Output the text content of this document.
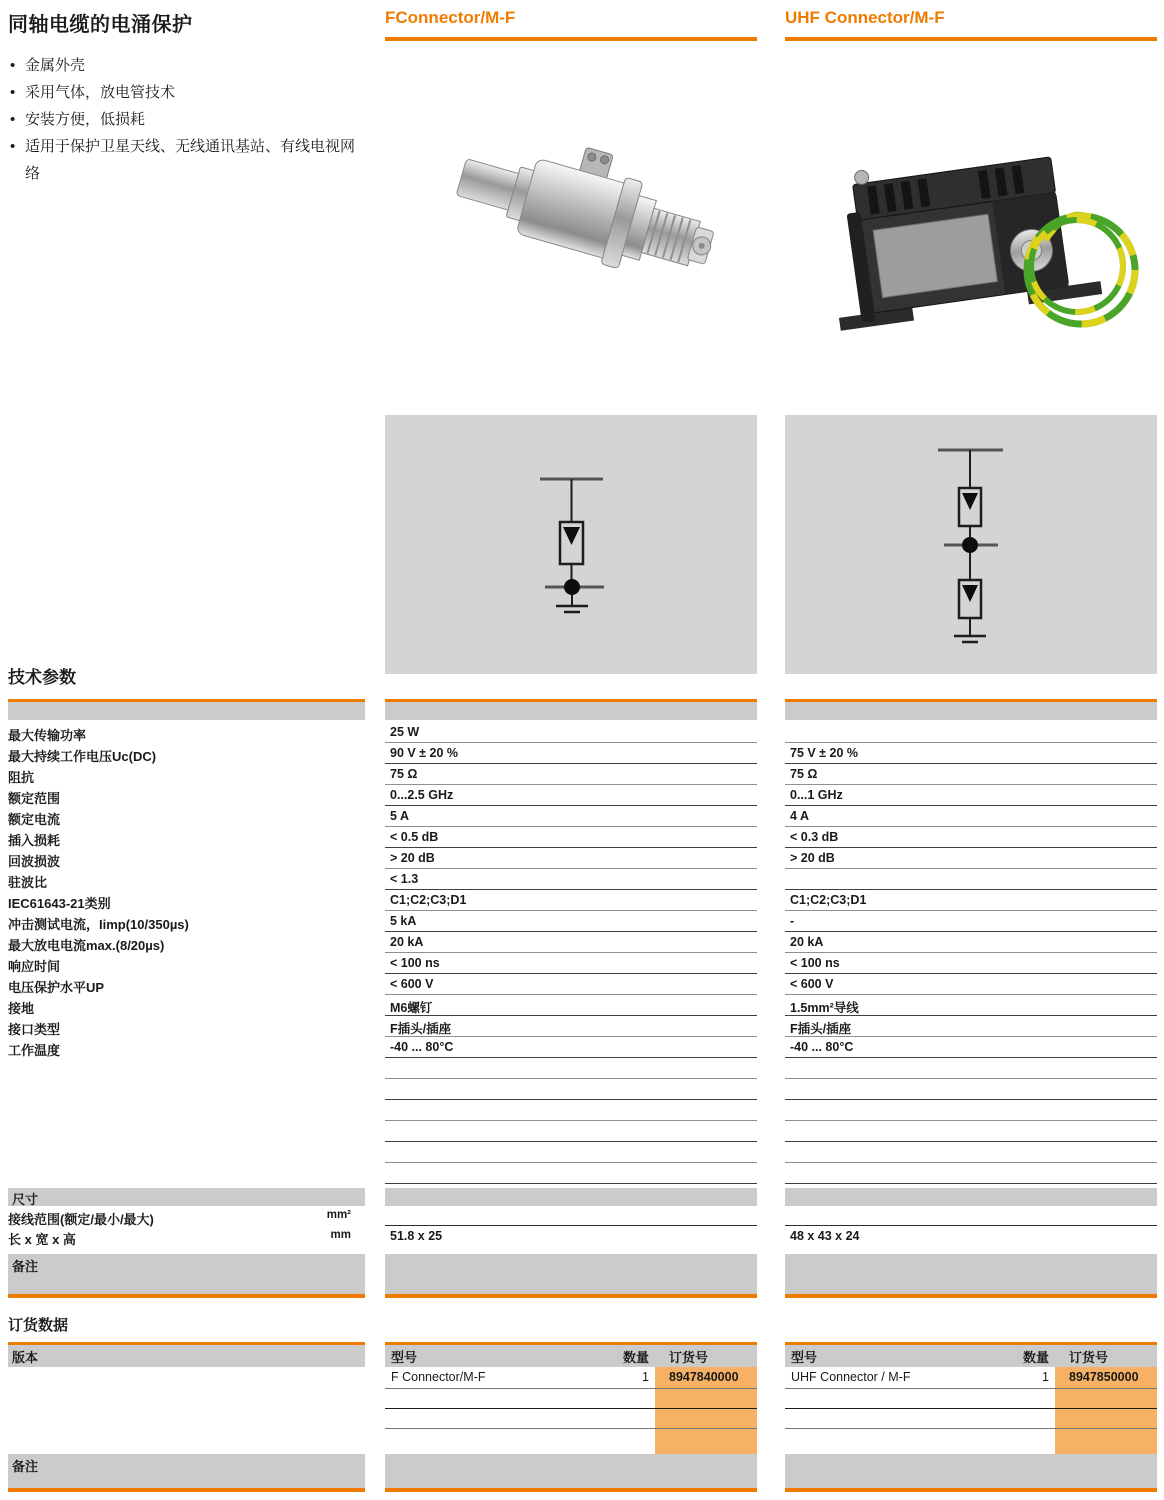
同轴电缆的电涌保护
• 金属外壳
• 采用气体，放电管技术
• 安装方便，低损耗
• 适用于保护卫星天线、无线通讯基站、有线电视网络
FConnector/M-F	UHF Connector/M-F
技术参数
最大传输功率	25 W
最大持续工作电压Uc(DC)	90 V ± 20 %	75 V ± 20 %
阻抗	75 Ω	75 Ω
额定范围	0...2.5 GHz	0...1 GHz
额定电流	5 A	4 A
插入损耗	< 0.5 dB	< 0.3 dB
回波损波	> 20 dB	> 20 dB
驻波比	< 1.3
IEC61643-21类别	C1;C2;C3;D1	C1;C2;C3;D1
冲击测试电流，Iimp(10/350µs)	5 kA	-
最大放电电流max.(8/20µs)	20 kA	20 kA
响应时间	< 100 ns	< 100 ns
电压保护水平UP	< 600 V	< 600 V
接地	M6螺钉	1.5mm²导线
接口类型	F插头/插座	F插头/插座
工作温度	-40 ... 80°C	-40 ... 80°C
尺寸
接线范围(额定/最小/最大)	mm²
长 x 宽 x 高	mm	51.8 x 25	48 x 43 x 24
备注
订货数据
版本	型号	数量	订货号
F Connector/M-F	1	8947840000
型号	数量	订货号
UHF Connector / M-F	1	8947850000
备注
